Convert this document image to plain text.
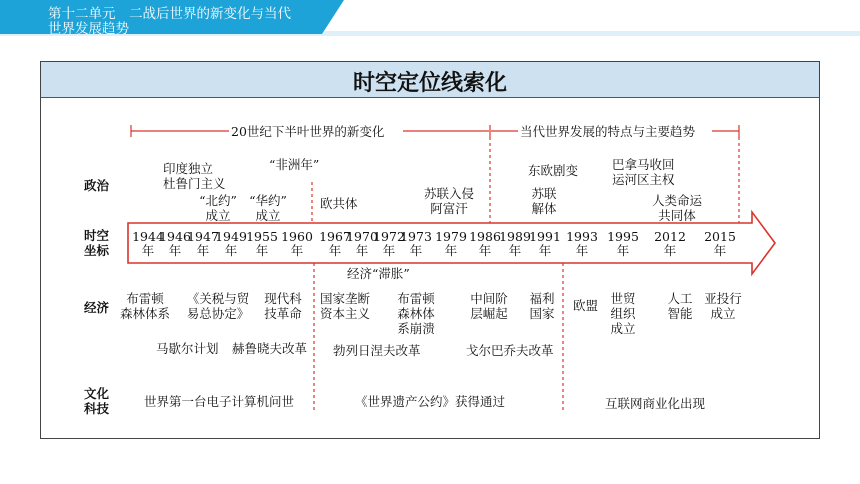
第十二单元　二战后世界的新变化与当代
世界发展趋势
时空定位线索化
政治
时空
坐标
经济
文化
科技
20世纪下半叶世界的新变化	当代世界发展的特点与主要趋势
1944
年
1946
年
1947
年
1949
年
1955
年
1960
年
1967
年
1970
年
1972
年
1973
年
1979
年
1986
年
1989
年
1991
年
1993
年
1995
年
2012
年
2015
年
印度独立
杜鲁门主义
“非洲年”
“北约”
成立
“华约”
成立
欧共体
苏联入侵
阿富汗
东欧剧变
苏联
解体
巴拿马收回
运河区主权
人类命运
共同体
布雷顿
森林体系
《关税与贸
易总协定》
现代科
技革命
国家垄断
资本主义
经济“滞胀”
布雷顿
森林体
系崩溃
中间阶
层崛起
福利
国家
欧盟 世贸
组织
成立
人工
智能
亚投行
成立
马歇尔计划 赫鲁晓夫改革 勃列日涅夫改革	戈尔巴乔夫改革
世界第一台电子计算机问世	《世界遗产公约》获得通过	互联网商业化出现
